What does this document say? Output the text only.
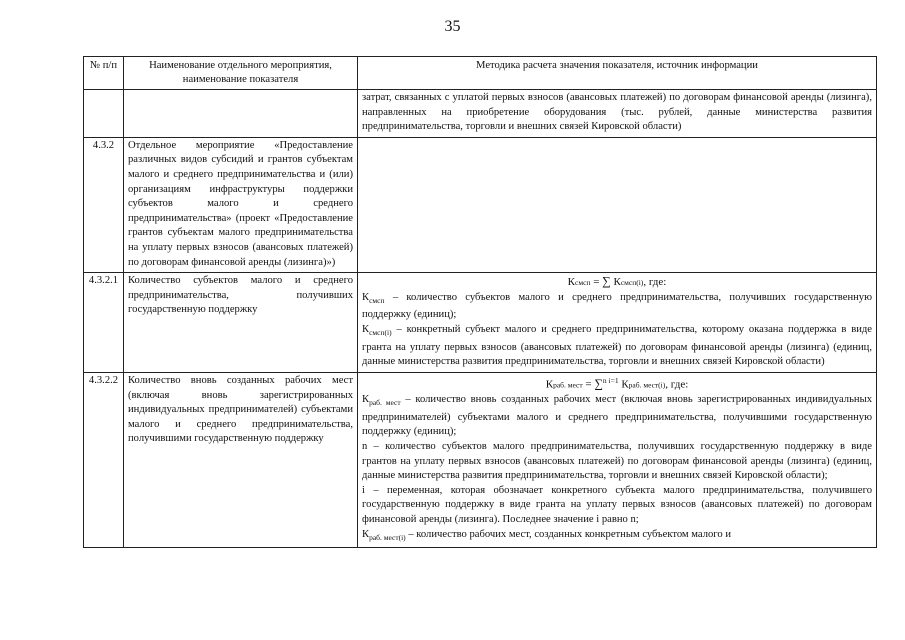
35
№ п/п	Наименование отдельного мероприятия, наименование показателя	Методика расчета значения показателя, источник информации

		затрат, связанных с уплатой первых взносов (авансовых платежей) по договорам финансовой аренды (лизинга), направленных на приобретение оборудования (тыс. рублей, данные министерства развития предпринимательства, торговли и внешних связей Кировской области)

4.3.2	Отдельное мероприятие «Предоставление различных видов субсидий и грантов субъектам малого и среднего предпринимательства и (или) организациям инфраструктуры поддержки субъектов малого и среднего предпринимательства» (проект «Предоставление грантов субъектам малого предпринимательства на уплату первых взносов (авансовых платежей) по договорам финансовой аренды (лизинга)»)	
4.3.2.1	Количество субъектов малого и среднего предпринимательства, получивших государственную поддержку	Ксмсп = ∑ Ксмсп(i), где:
$К_{смсп}$ – количество субъектов малого и среднего предпринимательства, получивших государственную поддержку (единиц);
$К_{смсп(i)}$ – конкретный субъект малого и среднего предпринимательства, которому оказана поддержка в виде гранта на уплату первых взносов (авансовых платежей) по договорам финансовой аренды (лизинга) (единиц, данные министерства развития предпринимательства, торговли и внешних связей Кировской области)

4.3.2.2	Количество вновь созданных рабочих мест (включая вновь зарегистрированных индивидуальных предпринимателей) субъектами малого и среднего предпринимательства, получившими государственную поддержку	Краб. мест = ∑$^{n i=1}$ Краб. мест(i), где:
$К_{раб. мест}$ – количество вновь созданных рабочих мест (включая вновь зарегистрированных индивидуальных предпринимателей) субъектами малого и среднего предпринимательства, получившими государственную поддержку (единиц);
n – количество субъектов малого предпринимательства, получивших государственную поддержку в виде грантов на уплату первых взносов (авансовых платежей) по договорам финансовой аренды (лизинга) (единиц, данные министерства развития предпринимательства, торговли и внешних связей Кировской области);
i – переменная, которая обозначает конкретного субъекта малого предпринимательства, получившего государственную поддержку в виде гранта на уплату первых взносов (авансовых платежей) по договорам финансовой аренды (лизинга). Последнее значение i равно n;
$К_{раб. мест(i)}$ – количество рабочих мест, созданных конкретным субъектом малого и
